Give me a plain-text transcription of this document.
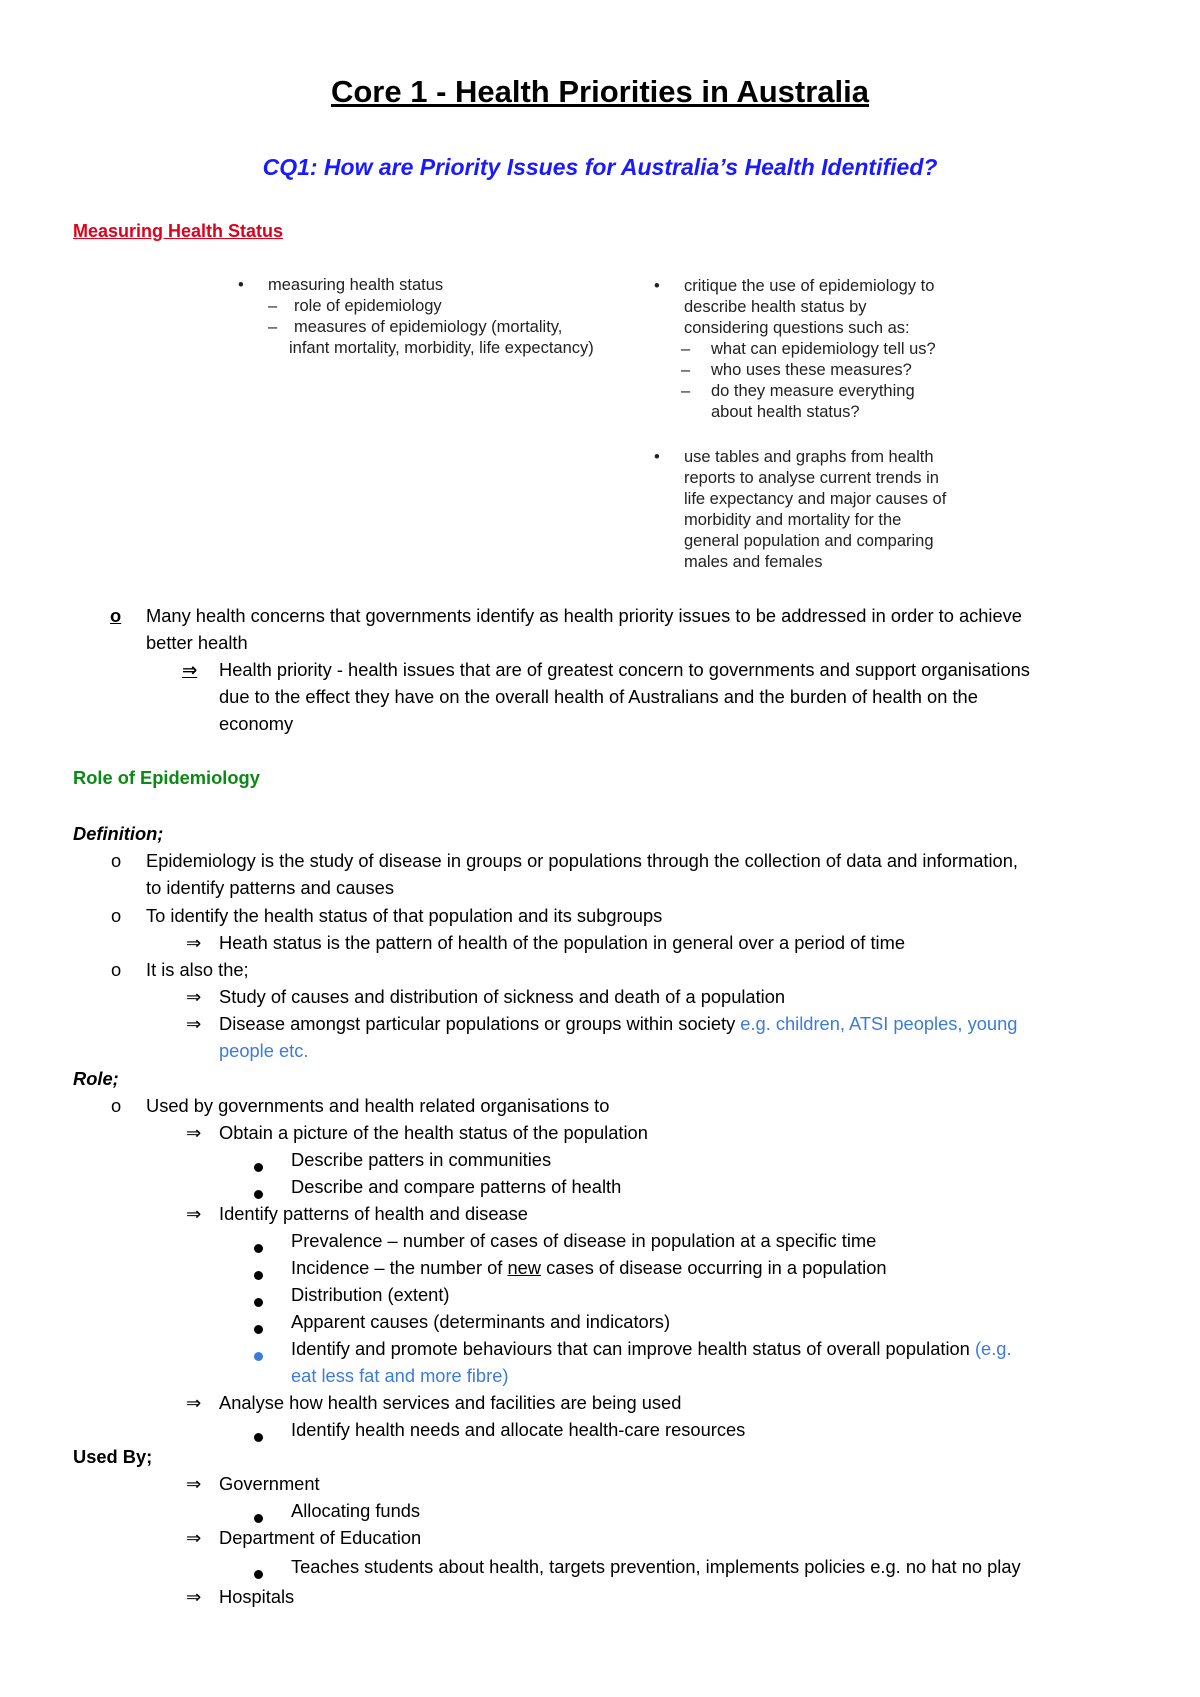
Core 1 - Health Priorities in Australia
CQ1: How are Priority Issues for Australia’s Health Identified?
Measuring Health Status
• measuring health status
– role of epidemiology
– measures of epidemiology (mortality,
infant mortality, morbidity, life expectancy)
• critique the use of epidemiology to
describe health status by
considering questions such as:
– what can epidemiology tell us?
– who uses these measures?
– do they measure everything
about health status?
• use tables and graphs from health
reports to analyse current trends in
life expectancy and major causes of
morbidity and mortality for the
general population and comparing
males and females
o	Many health concerns that governments identify as health priority issues to be addressed in order to achieve
better health
⇒	Health priority - health issues that are of greatest concern to governments and support organisations
due to the effect they have on the overall health of Australians and the burden of health on the
economy
Role of Epidemiology
Definition;
o Epidemiology is the study of disease in groups or populations through the collection of data and information,
to identify patterns and causes
o To identify the health status of that population and its subgroups
⇒ Heath status is the pattern of health of the population in general over a period of time
o It is also the;
⇒ Study of causes and distribution of sickness and death of a population
⇒ Disease amongst particular populations or groups within society e.g. children, ATSI peoples, young
people etc.
Role;
o Used by governments and health related organisations to
⇒ Obtain a picture of the health status of the population
Describe patters in communities
Describe and compare patterns of health
⇒ Identify patterns of health and disease
Prevalence – number of cases of disease in population at a specific time
Incidence – the number of new cases of disease occurring in a population
Distribution (extent)
Apparent causes (determinants and indicators)
Identify and promote behaviours that can improve health status of overall population (e.g.
eat less fat and more fibre)
⇒ Analyse how health services and facilities are being used
Identify health needs and allocate health-care resources
Used By;
⇒ Government
Allocating funds
⇒ Department of Education
Teaches students about health, targets prevention, implements policies e.g. no hat no play
⇒ Hospitals
